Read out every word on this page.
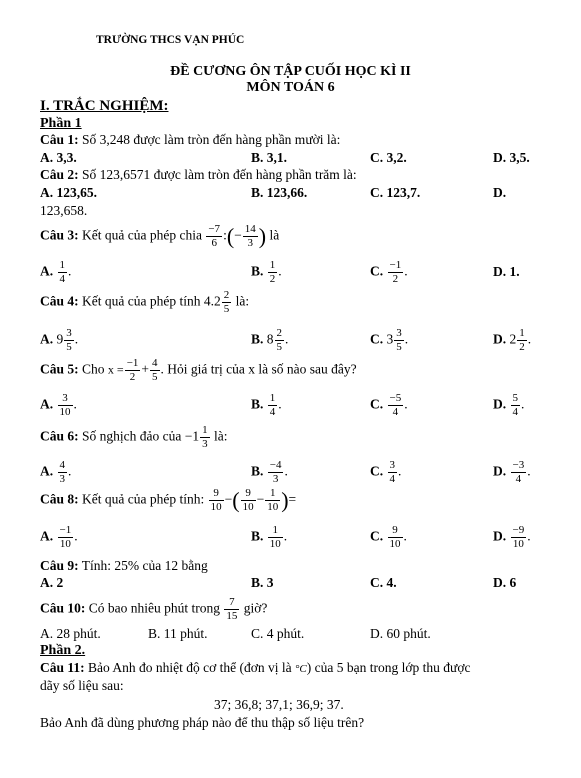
TRƯỜNG THCS VẠN PHÚC
ĐỀ CƯƠNG ÔN TẬP CUỐI HỌC KÌ II
MÔN TOÁN 6
I. TRẮC NGHIỆM:
Phần 1
Câu 1: Số 3,248 được làm tròn đến hàng phần mười là:
A. 3,3.	B. 3,1.	C. 3,2.	D. 3,5.
Câu 2: Số 123,6571 được làm tròn đến hàng phần trăm là:
A. 123,65.	B. 123,66.	C. 123,7.	D.
123,658.
Câu 3: Kết quả của phép chia $\frac{-7}{6}$ :(− $\frac{14}{3}$ ) là
A. $\frac{1}{4}$ .	B. $\frac{1}{2}$ .	C. $\frac{-1}{2}$ .	D. 1.
Câu 4: Kết quả của phép tính $4.2 \frac{2}{5}$ là:
A. $9 \frac{3}{5}$ .	B. $8 \frac{2}{5}$ .	C. $3 \frac{3}{5}$ .	D. $2 \frac{1}{2}$ .
Câu 5: Cho $x = \frac{-1}{2} + \frac{4}{5}$ . Hỏi giá trị của x là số nào sau đây?
A. $\frac{3}{10}$ .	B. $\frac{1}{4}$ .	C. $\frac{-5}{4}$ .	D. $\frac{5}{4}$ .
Câu 6: Số nghịch đảo của $-1 \frac{1}{3}$ là:
A. $\frac{4}{3}$ .	B. $\frac{-4}{3}$ .	C. $\frac{3}{4}$ .	D. $\frac{-3}{4}$ .
Câu 8: Kết quả của phép tính: $\frac{9}{10}$ −( $\frac{9}{10} - \frac{1}{10}$ )=
A. $\frac{-1}{10}$ .	B. $\frac{1}{10}$ .	C. $\frac{9}{10}$ .	D. $\frac{-9}{10}$ .
Câu 9: Tính: 25% của 12 bằng
A. 2	B. 3	C. 4.	D. 6
Câu 10: Có bao nhiêu phút trong $\frac{7}{15}$ giờ?
A. 28 phút.	B. 11 phút.	C. 4 phút.	D. 60 phút.
Phần 2.
Câu 11: Bảo Anh đo nhiệt độ cơ thể (đơn vị là °C) của 5 bạn trong lớp thu được
dãy số liệu sau:
37; 36,8; 37,1; 36,9; 37.
Bảo Anh đã dùng phương pháp nào để thu thập số liệu trên?
